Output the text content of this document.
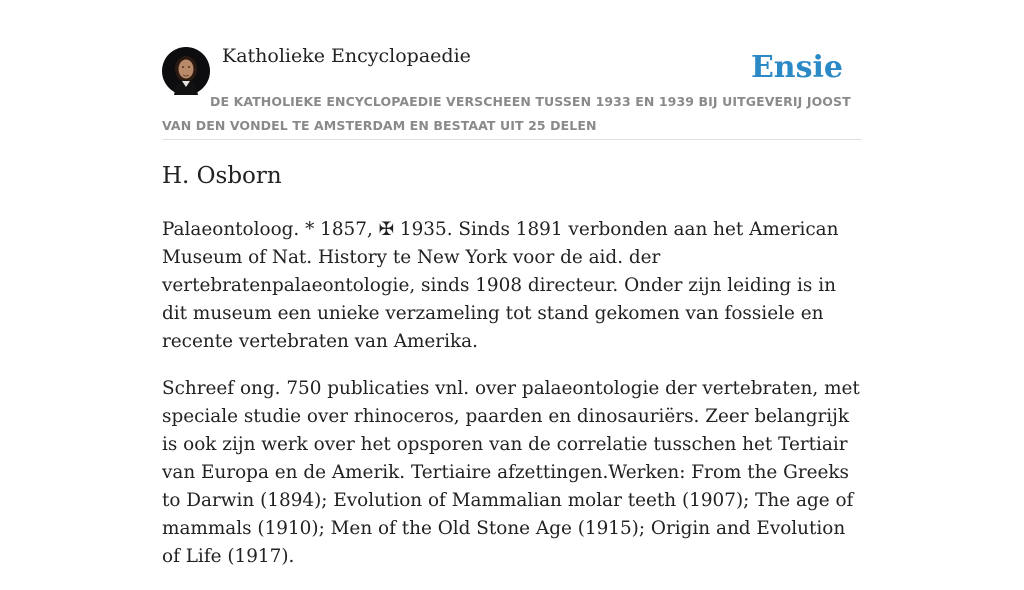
Katholieke Encyclopaedie	Ensie
DE KATHOLIEKE ENCYCLOPAEDIE VERSCHEEN TUSSEN 1933 EN 1939 BIJ UITGEVERIJ JOOST VAN DEN VONDEL TE AMSTERDAM EN BESTAAT UIT 25 DELEN
H. Osborn

Palaeontoloog. * 1857, ✠ 1935. Sinds 1891 verbonden aan het American Museum of Nat. History te New York voor de aid. der vertebratenpalaeontologie, sinds 1908 directeur. Onder zijn leiding is in dit museum een unieke verzameling tot stand gekomen van fossiele en recente vertebraten van Amerika.

Schreef ong. 750 publicaties vnl. over palaeontologie der vertebraten, met speciale studie over rhinoceros, paarden en dinosauriërs. Zeer belangrijk is ook zijn werk over het opsporen van de correlatie tusschen het Tertiair van Europa en de Amerik. Tertiaire afzettingen.Werken: From the Greeks to Darwin (1894); Evolution of Mammalian molar teeth (1907); The age of mammals (1910); Men of the Old Stone Age (1915); Origin and Evolution of Life (1917).
